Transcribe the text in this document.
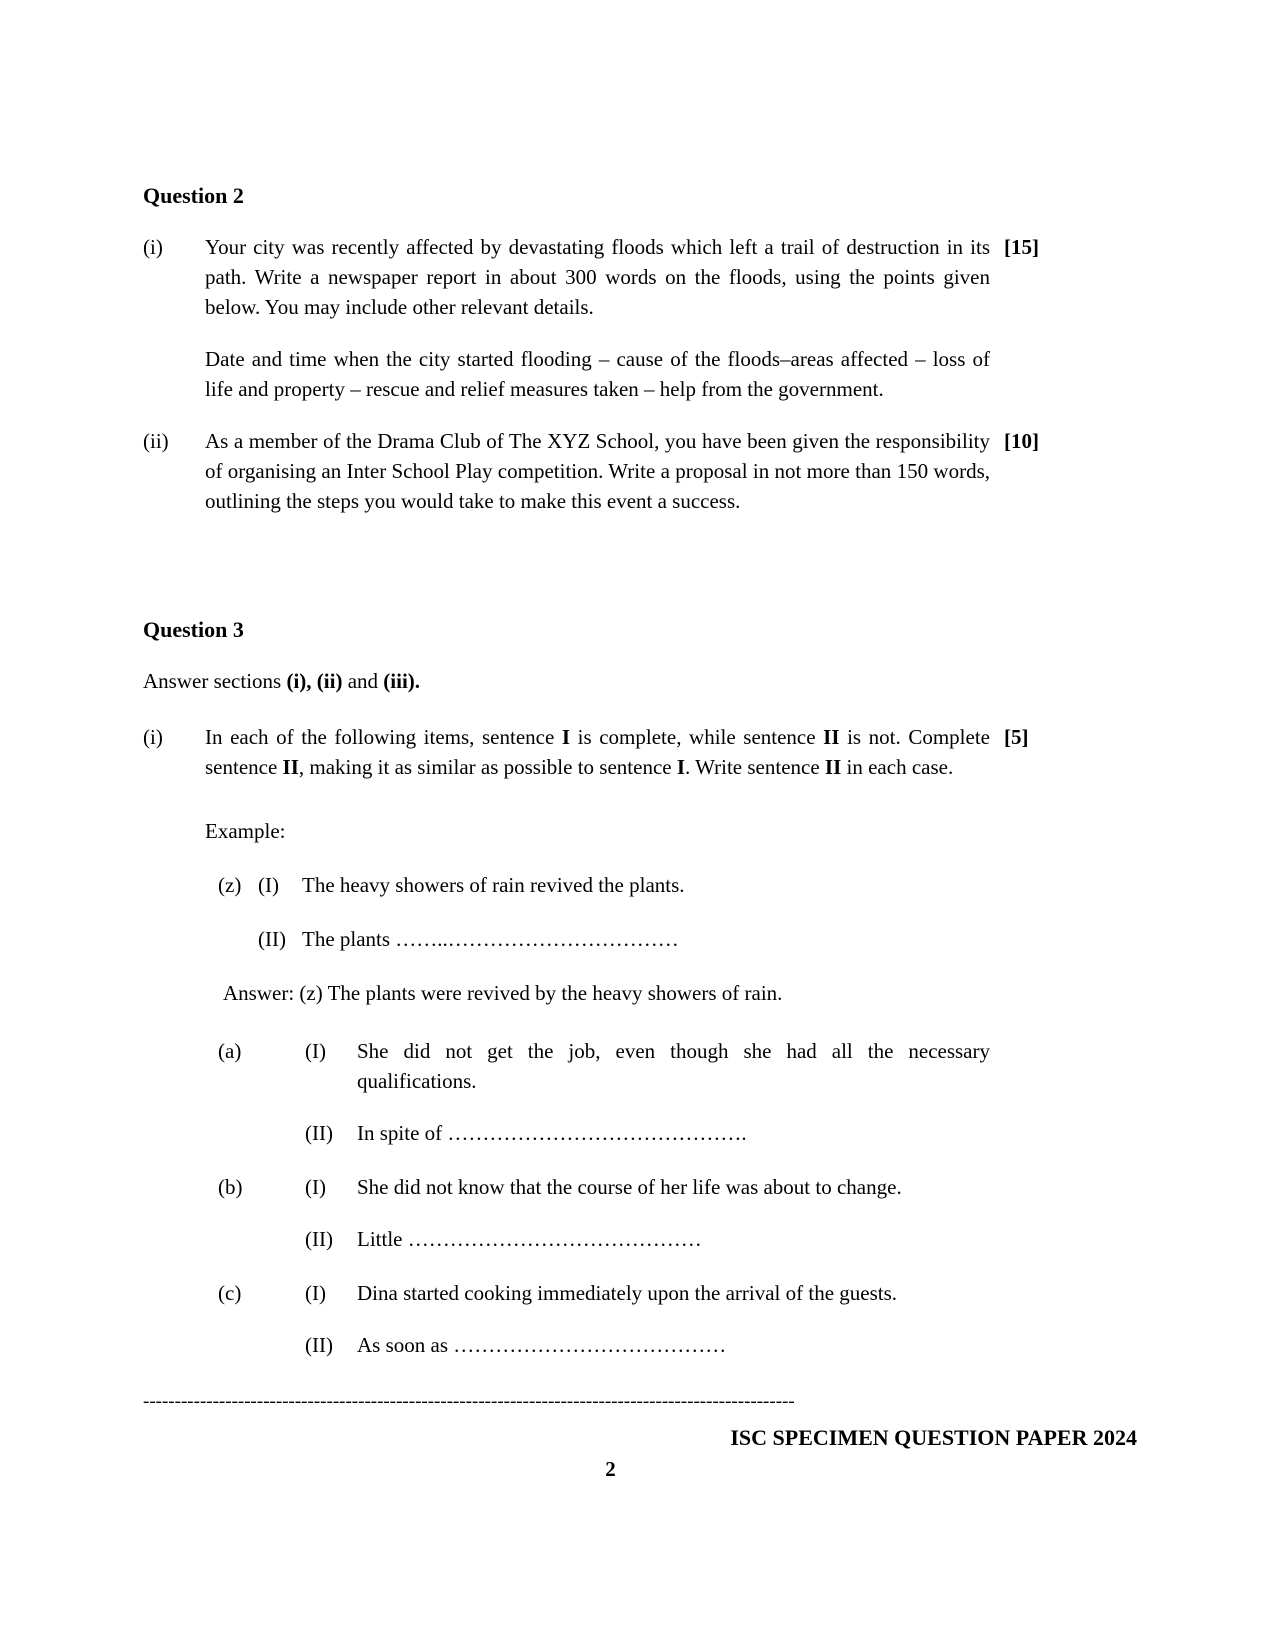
Question 2
(i)	Your city was recently affected by devastating floods which left a trail of destruction in its path. Write a newspaper report in about 300 words on the floods, using the points given below. You may include other relevant details.

Date and time when the city started flooding – cause of the floods–areas affected – loss of life and property – rescue and relief measures taken – help from the government.

[15]
(ii)	As a member of the Drama Club of The XYZ School, you have been given the responsibility of organising an Inter School Play competition. Write a proposal in not more than 150 words, outlining the steps you would take to make this event a success.

[10]
Question 3
Answer sections (i), (ii) and (iii).
(i)	In each of the following items, sentence I is complete, while sentence II is not. Complete sentence II, making it as similar as possible to sentence I. Write sentence II in each case.

[5]
Example:
(z) (I)	The heavy showers of rain revived the plants.
(II) The plants ……..……………………………
Answer: (z) The plants were revived by the heavy showers of rain.
(a)	(I)	She did not get the job, even though she had all the necessary qualifications.
(II)	In spite of …………………………………….
(b)	(I)	She did not know that the course of her life was about to change.
(II)	Little ……………………………………
(c)	(I)	Dina started cooking immediately upon the arrival of the guests.
(II)	As soon as …………………………………
-------------------------------------------------------------------------------------------------------
ISC SPECIMEN QUESTION PAPER 2024
2
